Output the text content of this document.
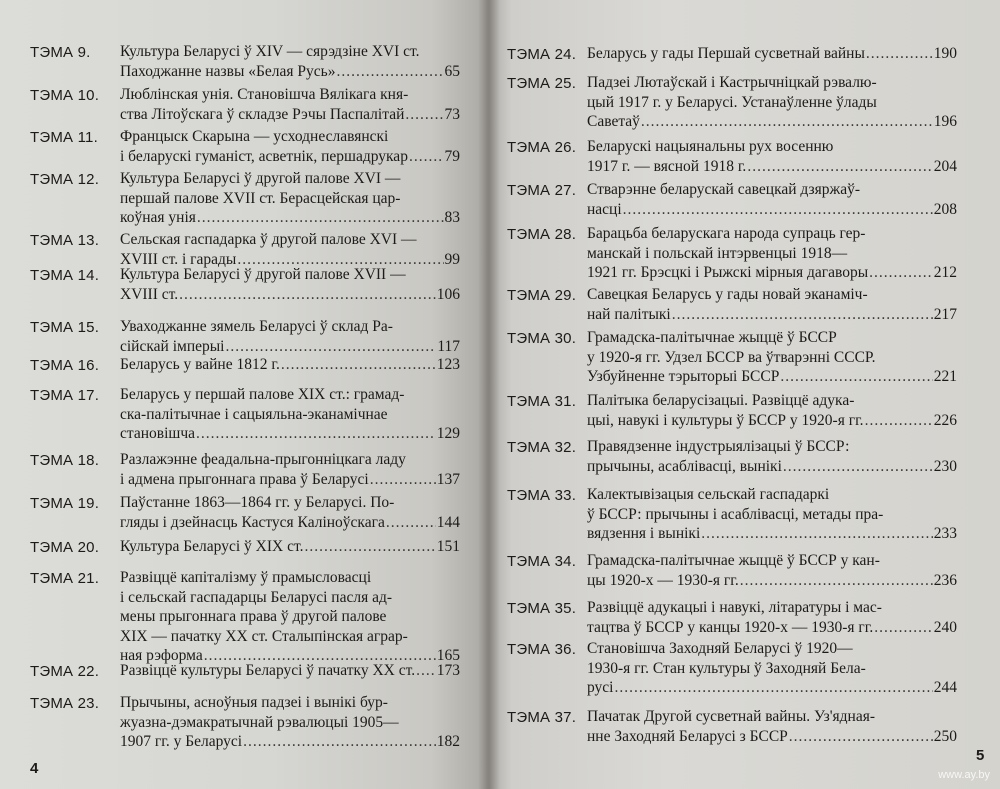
ТЭМА 9. Культура Беларусі ў XIV — сярэдзіне XVI ст.
Паходжанне назвы «Белая Русь» .....	65
ТЭМА 10. Люблінская унія. Становішча Вялікага кня-
ства Літоўскага ў складзе Рэчы Паспалітай .....	73
ТЭМА 11. Францыск Скарына — усходнеславянскі
і беларускі гуманіст, асветнік, першадрукар ..... 79
ТЭМА 12. Культура Беларусі ў другой палове XVI —
першай палове XVII ст. Берасцейская цар-
коўная унія .....	83
ТЭМА 13. Сельская гаспадарка ў другой палове XVI —
XVIII ст. і гарады .....	99
ТЭМА 14. Культура Беларусі ў другой палове XVII —
XVIII ст. .....	106
ТЭМА 15. Уваходжанне зямель Беларусі ў склад Ра-
сійскай імперыі .....	117
ТЭМА 16. Беларусь у вайне 1812 г. .....	123
ТЭМА 17. Беларусь у першай палове XIX ст.: грамад-
ска-палітычнае і сацыяльна-эканамічнае
становішча .....	129
ТЭМА 18. Разлажэнне феадальна-прыгонніцкага ладу
і адмена прыгоннага права ў Беларусі .....	137
ТЭМА 19. Паўстанне 1863—1864 гг. у Беларусі. По-
гляды і дзейнасць Кастуся Каліноўскага .....	144
ТЭМА 20. Культура Беларусі ў XIX ст. .....	151
ТЭМА 21. Развіццё капіталізму ў прамысловасці
і сельскай гаспадарцы Беларусі пасля ад-
мены прыгоннага права ў другой палове
XIX — пачатку XX ст. Сталыпінская аграр-
ная рэформа .....	165
ТЭМА 22. Развіццё культуры Беларусі ў пачатку XX ст. ..... 173
ТЭМА 23. Прычыны, асноўныя падзеі і вынікі бур-
жуазна-дэмакратычнай рэвалюцыі 1905—
1907 гг. у Беларусі .....	182
ТЭМА 24. Беларусь у гады Першай сусветнай вайны .....	190
ТЭМА 25. Падзеі Лютаўскай і Кастрычніцкай рэвалю-
цый 1917 г. у Беларусі. Устанаўленне ўлады
Саветаў .....	196
ТЭМА 26. Беларускі нацыянальны рух восенню
1917 г. — вясной 1918 г. .....	204
ТЭМА 27. Стварэнне беларускай савецкай дзяржаў-
насці .....	208
ТЭМА 28. Барацьба беларускага народа супраць гер-
манскай і польскай інтэрвенцыі 1918—
1921 гг. Брэсцкі і Рыжскі мірныя дагаворы .....	212
ТЭМА 29. Савецкая Беларусь у гады новай эканаміч-
най палітыкі .....	217
ТЭМА 30. Грамадска-палітычнае жыццё ў БССР
у 1920-я гг. Удзел БССР ва ўтварэнні СССР.
Узбуйненне тэрыторыі БССР .....	221
ТЭМА 31. Палітыка беларусізацыі. Развіццё адука-
цыі, навукі і культуры ў БССР у 1920-я гг. .....	226
ТЭМА 32. Правядзенне індустрыялізацыі ў БССР:
прычыны, асаблівасці, вынікі .....	230
ТЭМА 33. Калектывізацыя сельскай гаспадаркі
ў БССР: прычыны і асаблівасці, метады пра-
вядзення і вынікі .....	233
ТЭМА 34. Грамадска-палітычнае жыццё ў БССР у кан-
цы 1920-х — 1930-я гг. .....	236
ТЭМА 35. Развіццё адукацыі і навукі, літаратуры і мас-
тацтва ў БССР у канцы 1920-х — 1930-я гг. .....	240
ТЭМА 36. Становішча Заходняй Беларусі ў 1920—
1930-я гг. Стан культуры ў Заходняй Бела-
русі .....	244
ТЭМА 37. Пачатак Другой сусветнай вайны. Уз'ядная-
нне Заходняй Беларусі з БССР .....	250
4
5
www.ay.by
